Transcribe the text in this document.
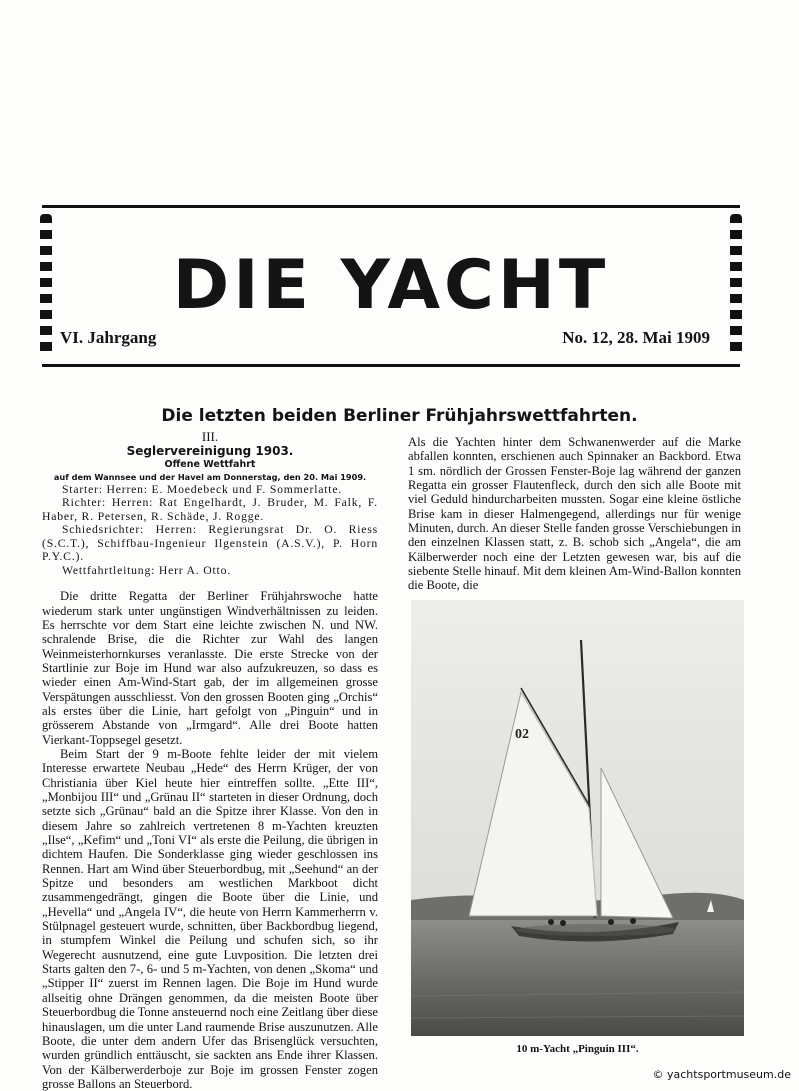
DIE YACHT
VI. Jahrgang	No. 12, 28. Mai 1909
Die letzten beiden Berliner Frühjahrswettfahrten.
III.
Seglervereinigung 1903.
Offene Wettfahrt
auf dem Wannsee und der Havel am Donnerstag, den 20. Mai 1909.

Starter: Herren: E. Moedebeck und F. Sommerlatte.

Richter: Herren: Rat Engelhardt, J. Bruder, M. Falk, F. Haber, R. Petersen, R. Schäde, J. Rogge.

Schiedsrichter: Herren: Regierungsrat Dr. O. Riess (S.C.T.), Schiffbau-Ingenieur Ilgenstein (A.S.V.), P. Horn P.Y.C.).

Wettfahrtleitung: Herr A. Otto.

Die dritte Regatta der Berliner Frühjahrswoche hatte wiederum stark unter ungünstigen Windverhältnissen zu leiden. Es herrschte vor dem Start eine leichte zwischen N. und NW. schralende Brise, die die Richter zur Wahl des langen Weinmeisterhornkurses veranlasste. Die erste Strecke von der Startlinie zur Boje im Hund war also aufzukreuzen, so dass es wieder einen Am-Wind-Start gab, der im allgemeinen grosse Verspätungen ausschliesst. Von den grossen Booten ging „Orchis“ als erstes über die Linie, hart gefolgt von „Pinguin“ und in grösserem Abstande von „Irmgard“. Alle drei Boote hatten Vierkant-Toppsegel gesetzt.

Beim Start der 9 m-Boote fehlte leider der mit vielem Interesse erwartete Neubau „Hede“ des Herrn Krüger, der von Christiania über Kiel heute hier eintreffen sollte. „Ette III“, „Monbijou III“ und „Grünau II“ starteten in dieser Ordnung, doch setzte sich „Grünau“ bald an die Spitze ihrer Klasse. Von den in diesem Jahre so zahlreich vertretenen 8 m-Yachten kreuzten „Ilse“, „Kefim“ und „Toni VI“ als erste die Peilung, die übrigen in dichtem Haufen. Die Sonderklasse ging wieder geschlossen ins Rennen. Hart am Wind über Steuerbordbug, mit „Seehund“ an der Spitze und besonders am westlichen Markboot dicht zusammengedrängt, gingen die Boote über die Linie, und „Hevella“ und „Angela IV“, die heute von Herrn Kammerherrn v. Stülpnagel gesteuert wurde, schnitten, über Backbordbug liegend, in stumpfem Winkel die Peilung und schufen sich, so ihr Wegerecht ausnutzend, eine gute Luvposition. Die letzten drei Starts galten den 7-, 6- und 5 m-Yachten, von denen „Skoma“ und „Stipper II“ zuerst im Rennen lagen. Die Boje im Hund wurde allseitig ohne Drängen genommen, da die meisten Boote über Steuerbordbug die Tonne ansteuernd noch eine Zeitlang über diese hinauslagen, um die unter Land raumende Brise auszunutzen. Alle Boote, die unter dem andern Ufer das Brisenglück versuchten, wurden gründlich enttäuscht, sie sackten ans Ende ihrer Klassen. Von der Kälberwerderboje zur Boje im grossen Fenster zogen grosse Ballons an Steuerbord.

Als die Yachten hinter dem Schwanenwerder auf die Marke abfallen konnten, erschienen auch Spinnaker an Backbord. Etwa 1 sm. nördlich der Grossen Fenster-Boje lag während der ganzen Regatta ein grosser Flautenfleck, durch den sich alle Boote mit viel Geduld hindurcharbeiten mussten. Sogar eine kleine östliche Brise kam in dieser Halmengegend, allerdings nur für wenige Minuten, durch. An dieser Stelle fanden grosse Verschiebungen in den einzelnen Klassen statt, z. B. schob sich „Angela“, die am Kälberwerder noch eine der Letzten gewesen war, bis auf die siebente Stelle hinauf. Mit dem kleinen Am-Wind-Ballon konnten die Boote, die

02
10 m-Yacht „Pinguin III“.
© yachtsportmuseum.de
